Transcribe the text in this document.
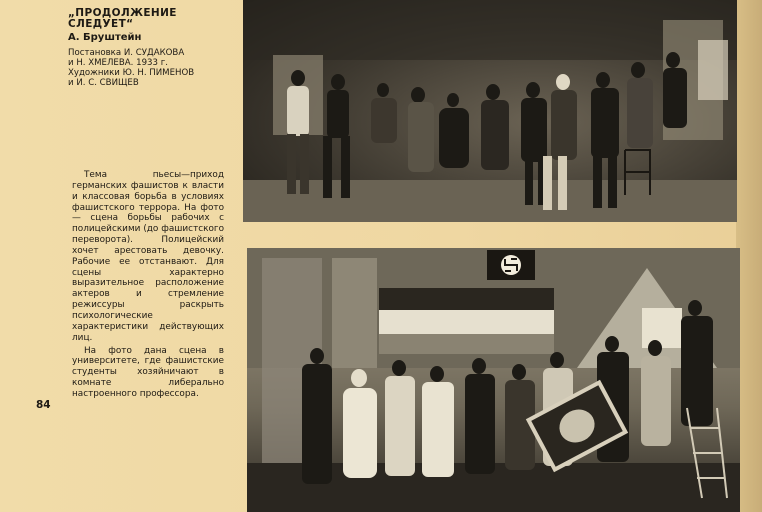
„ПРОДОЛЖЕНИЕ
СЛЕДУЕТ“
А. Бруштейн
Постановка И. СУДАКОВА
и Н. ХМЕЛЕВА. 1933 г.
Художники Ю. Н. ПИМЕНОВ
и И. С. СВИЩЕВ

Тема пьесы—приход германских фашистов к власти и классовая борьба в условиях фашистского террора. На фото — сцена борьбы рабочих с полицейскими (до фашистского переворота). Полицейский хочет арестовать девочку. Рабочие ее отстанвают. Для сцены характерно выразительное расположение актеров и стремление режиссуры раскрыть психологические характеристики действующих лиц.

На фото дана сцена в университете, где фашистские студенты хозяйничают в комнате либерально настроенного профессора.

84
